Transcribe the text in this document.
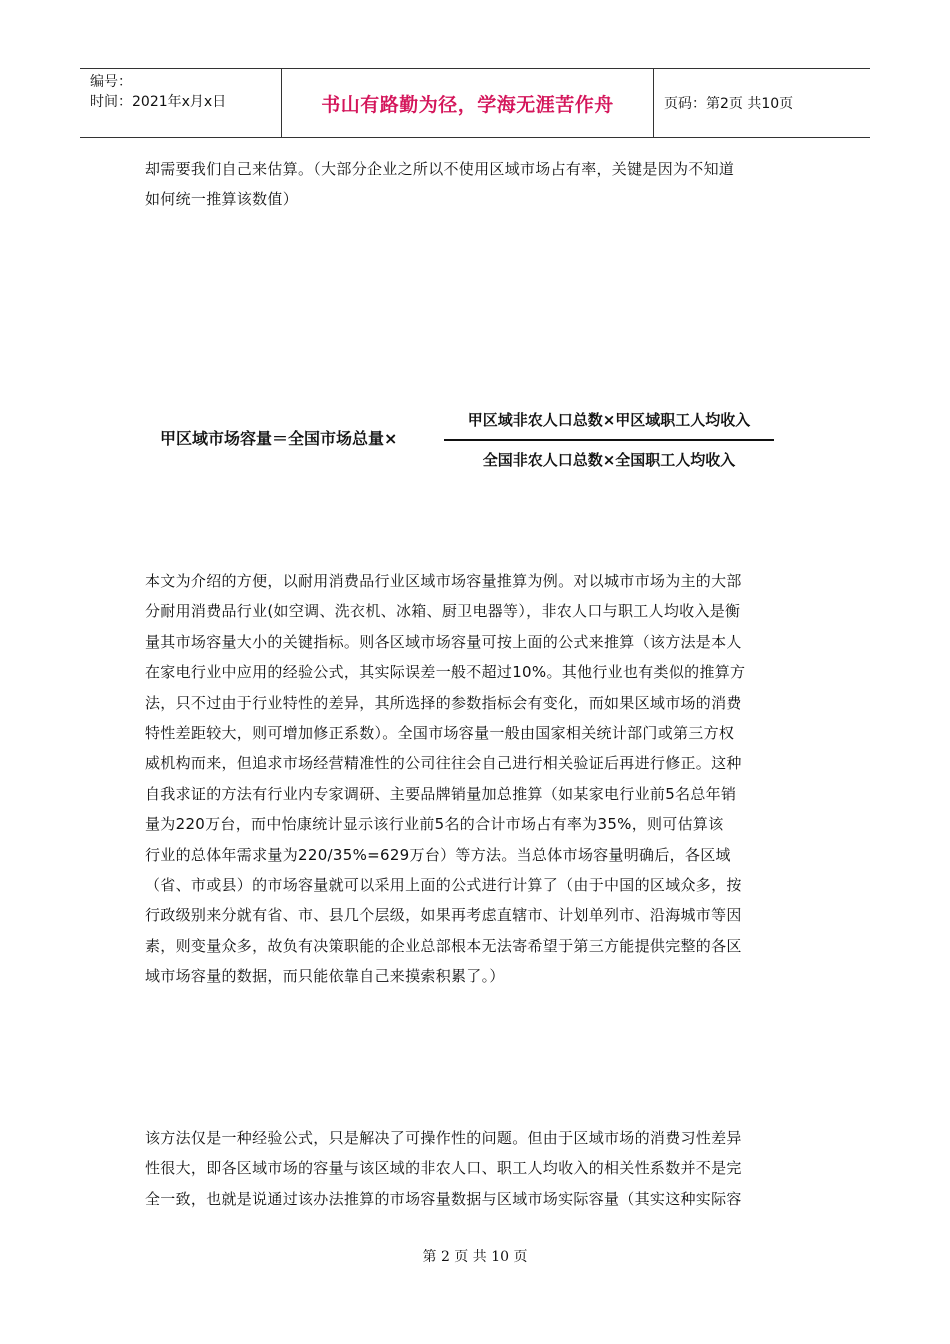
编号：
时间：2021年x月x日	书山有路勤为径，学海无涯苦作舟	页码：第2页 共10页
却需要我们自己来估算。（大部分企业之所以不使用区域市场占有率，关键是因为不知道
如何统一推算该数值）
甲区域市场容量＝全国市场总量×
甲区域非农人口总数×甲区域职工人均收入
全国非农人口总数×全国职工人均收入
本文为介绍的方便，以耐用消费品行业区域市场容量推算为例。对以城市市场为主的大部
分耐用消费品行业(如空调、洗衣机、冰箱、厨卫电器等），非农人口与职工人均收入是衡
量其市场容量大小的关键指标。则各区域市场容量可按上面的公式来推算（该方法是本人
在家电行业中应用的经验公式，其实际误差一般不超过10%。其他行业也有类似的推算方
法，只不过由于行业特性的差异，其所选择的参数指标会有变化，而如果区域市场的消费
特性差距较大，则可增加修正系数）。全国市场容量一般由国家相关统计部门或第三方权
威机构而来，但追求市场经营精准性的公司往往会自己进行相关验证后再进行修正。这种
自我求证的方法有行业内专家调研、主要品牌销量加总推算（如某家电行业前5名总年销
量为220万台，而中怡康统计显示该行业前5名的合计市场占有率为35%，则可估算该
行业的总体年需求量为220/35%=629万台）等方法。当总体市场容量明确后，各区域
（省、市或县）的市场容量就可以采用上面的公式进行计算了（由于中国的区域众多，按
行政级别来分就有省、市、县几个层级，如果再考虑直辖市、计划单列市、沿海城市等因
素，则变量众多，故负有决策职能的企业总部根本无法寄希望于第三方能提供完整的各区
域市场容量的数据，而只能依靠自己来摸索积累了。）
该方法仅是一种经验公式，只是解决了可操作性的问题。但由于区域市场的消费习性差异
性很大，即各区域市场的容量与该区域的非农人口、职工人均收入的相关性系数并不是完
全一致，也就是说通过该办法推算的市场容量数据与区域市场实际容量（其实这种实际容
第 2 页 共 10 页
